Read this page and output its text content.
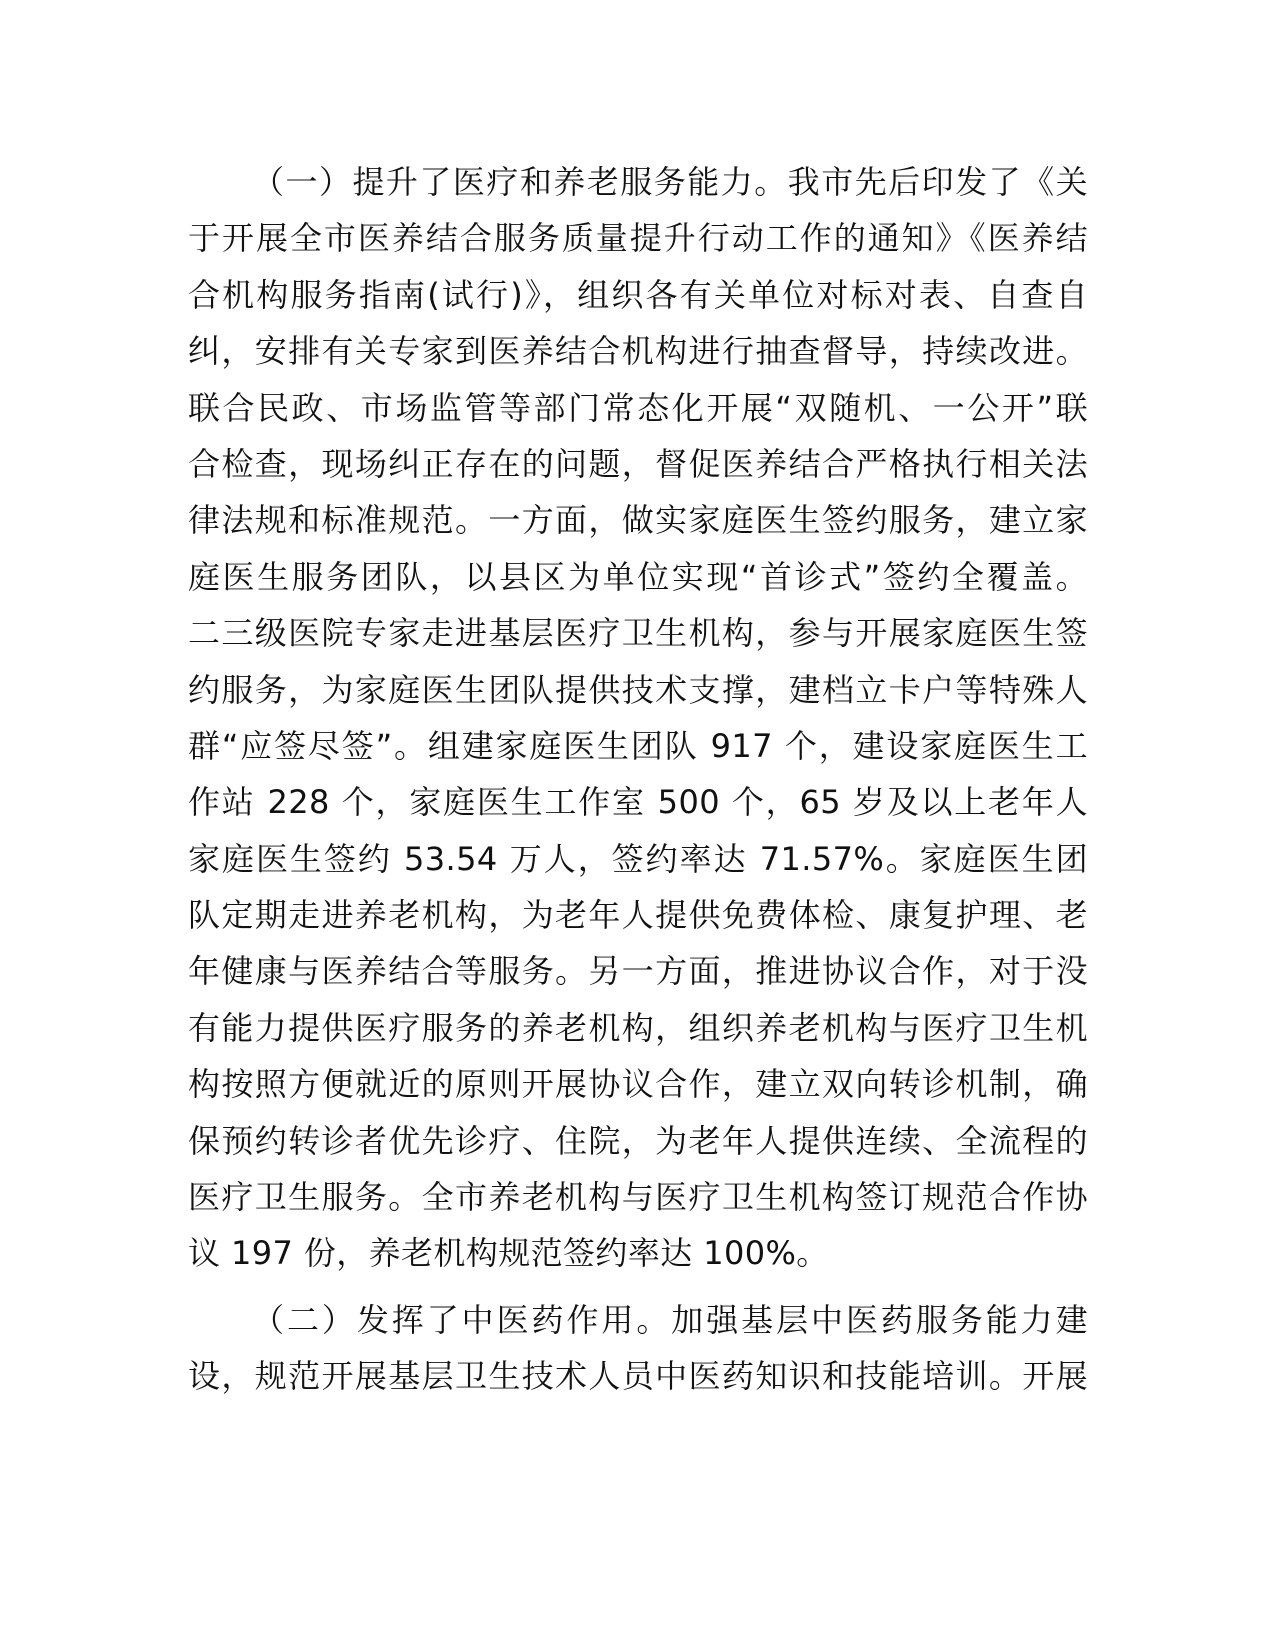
（一）提升了医疗和养老服务能力。我市先后印发了《关
于开展全市医养结合服务质量提升行动工作的通知》《医养结
合机构服务指南(试行)》，组织各有关单位对标对表、自查自
纠，安排有关专家到医养结合机构进行抽查督导，持续改进。
联合民政、市场监管等部门常态化开展“双随机、一公开”联
合检查，现场纠正存在的问题，督促医养结合严格执行相关法
律法规和标准规范。一方面，做实家庭医生签约服务，建立家
庭医生服务团队，以县区为单位实现“首诊式”签约全覆盖。
二三级医院专家走进基层医疗卫生机构，参与开展家庭医生签
约服务，为家庭医生团队提供技术支撑，建档立卡户等特殊人
群“应签尽签”。组建家庭医生团队 917 个，建设家庭医生工
作站 228 个，家庭医生工作室 500 个，65 岁及以上老年人
家庭医生签约 53.54 万人，签约率达 71.57%。家庭医生团
队定期走进养老机构，为老年人提供免费体检、康复护理、老
年健康与医养结合等服务。另一方面，推进协议合作，对于没
有能力提供医疗服务的养老机构，组织养老机构与医疗卫生机
构按照方便就近的原则开展协议合作，建立双向转诊机制，确
保预约转诊者优先诊疗、住院，为老年人提供连续、全流程的
医疗卫生服务。全市养老机构与医疗卫生机构签订规范合作协
议 197 份，养老机构规范签约率达 100%。
（二）发挥了中医药作用。加强基层中医药服务能力建
设，规范开展基层卫生技术人员中医药知识和技能培训。开展
